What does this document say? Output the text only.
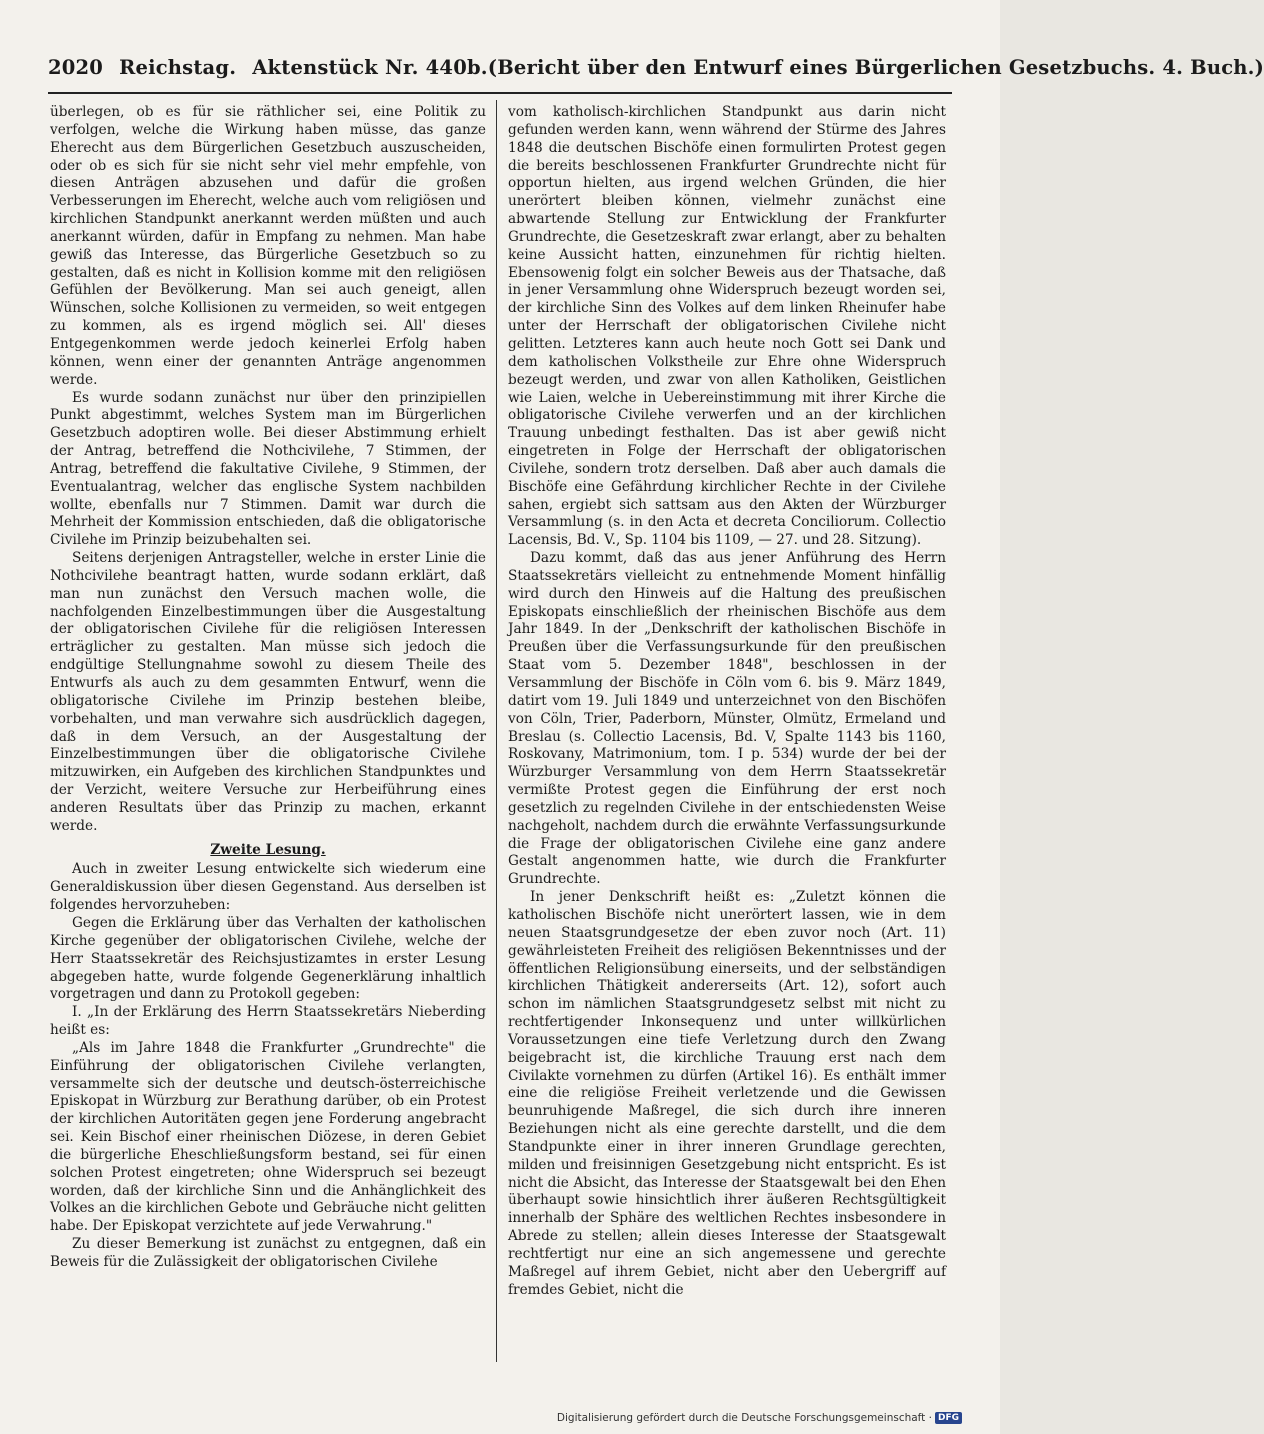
2020 Reichstag. Aktenstück Nr. 440b. (Bericht über den Entwurf eines Bürgerlichen Gesetzbuchs. 4. Buch.)

überlegen, ob es für sie räthlicher sei, eine Politik zu verfolgen, welche die Wirkung haben müsse, das ganze Eherecht aus dem Bürgerlichen Gesetzbuch auszuscheiden, oder ob es sich für sie nicht sehr viel mehr empfehle, von diesen Anträgen abzusehen und dafür die großen Verbesserungen im Eherecht, welche auch vom religiösen und kirchlichen Standpunkt anerkannt werden müßten und auch anerkannt würden, dafür in Empfang zu nehmen. Man habe gewiß das Interesse, das Bürgerliche Gesetzbuch so zu gestalten, daß es nicht in Kollision komme mit den religiösen Gefühlen der Bevölkerung. Man sei auch geneigt, allen Wünschen, solche Kollisionen zu vermeiden, so weit entgegen zu kommen, als es irgend möglich sei. All' dieses Entgegenkommen werde jedoch keinerlei Erfolg haben können, wenn einer der genannten Anträge angenommen werde.

Es wurde sodann zunächst nur über den prinzipiellen Punkt abgestimmt, welches System man im Bürgerlichen Gesetzbuch adoptiren wolle. Bei dieser Abstimmung erhielt der Antrag, betreffend die Nothcivilehe, 7 Stimmen, der Antrag, betreffend die fakultative Civilehe, 9 Stimmen, der Eventualantrag, welcher das englische System nachbilden wollte, ebenfalls nur 7 Stimmen. Damit war durch die Mehrheit der Kommission entschieden, daß die obligatorische Civilehe im Prinzip beizubehalten sei.

Seitens derjenigen Antragsteller, welche in erster Linie die Nothcivilehe beantragt hatten, wurde sodann erklärt, daß man nun zunächst den Versuch machen wolle, die nachfolgenden Einzelbestimmungen über die Ausgestaltung der obligatorischen Civilehe für die religiösen Interessen erträglicher zu gestalten. Man müsse sich jedoch die endgültige Stellungnahme sowohl zu diesem Theile des Entwurfs als auch zu dem gesammten Entwurf, wenn die obligatorische Civilehe im Prinzip bestehen bleibe, vorbehalten, und man verwahre sich ausdrücklich dagegen, daß in dem Versuch, an der Ausgestaltung der Einzelbestimmungen über die obligatorische Civilehe mitzuwirken, ein Aufgeben des kirchlichen Standpunktes und der Verzicht, weitere Versuche zur Herbeiführung eines anderen Resultats über das Prinzip zu machen, erkannt werde.

Zweite Lesung.

Auch in zweiter Lesung entwickelte sich wiederum eine Generaldiskussion über diesen Gegenstand. Aus derselben ist folgendes hervorzuheben:

Gegen die Erklärung über das Verhalten der katholischen Kirche gegenüber der obligatorischen Civilehe, welche der Herr Staatssekretär des Reichsjustizamtes in erster Lesung abgegeben hatte, wurde folgende Gegenerklärung inhaltlich vorgetragen und dann zu Protokoll gegeben:

I. „In der Erklärung des Herrn Staatssekretärs Nieberding heißt es:

„Als im Jahre 1848 die Frankfurter „Grundrechte" die Einführung der obligatorischen Civilehe verlangten, versammelte sich der deutsche und deutsch-österreichische Episkopat in Würzburg zur Berathung darüber, ob ein Protest der kirchlichen Autoritäten gegen jene Forderung angebracht sei. Kein Bischof einer rheinischen Diözese, in deren Gebiet die bürgerliche Eheschließungsform bestand, sei für einen solchen Protest eingetreten; ohne Widerspruch sei bezeugt worden, daß der kirchliche Sinn und die Anhänglichkeit des Volkes an die kirchlichen Gebote und Gebräuche nicht gelitten habe. Der Episkopat verzichtete auf jede Verwahrung."

Zu dieser Bemerkung ist zunächst zu entgegnen, daß ein Beweis für die Zulässigkeit der obligatorischen Civilehe

vom katholisch-kirchlichen Standpunkt aus darin nicht gefunden werden kann, wenn während der Stürme des Jahres 1848 die deutschen Bischöfe einen formulirten Protest gegen die bereits beschlossenen Frankfurter Grundrechte nicht für opportun hielten, aus irgend welchen Gründen, die hier unerörtert bleiben können, vielmehr zunächst eine abwartende Stellung zur Entwicklung der Frankfurter Grundrechte, die Gesetzeskraft zwar erlangt, aber zu behalten keine Aussicht hatten, einzunehmen für richtig hielten. Ebensowenig folgt ein solcher Beweis aus der Thatsache, daß in jener Versammlung ohne Widerspruch bezeugt worden sei, der kirchliche Sinn des Volkes auf dem linken Rheinufer habe unter der Herrschaft der obligatorischen Civilehe nicht gelitten. Letzteres kann auch heute noch Gott sei Dank und dem katholischen Volkstheile zur Ehre ohne Widerspruch bezeugt werden, und zwar von allen Katholiken, Geistlichen wie Laien, welche in Uebereinstimmung mit ihrer Kirche die obligatorische Civilehe verwerfen und an der kirchlichen Trauung unbedingt festhalten. Das ist aber gewiß nicht eingetreten in Folge der Herrschaft der obligatorischen Civilehe, sondern trotz derselben. Daß aber auch damals die Bischöfe eine Gefährdung kirchlicher Rechte in der Civilehe sahen, ergiebt sich sattsam aus den Akten der Würzburger Versammlung (s. in den Acta et decreta Conciliorum. Collectio Lacensis, Bd. V., Sp. 1104 bis 1109, — 27. und 28. Sitzung).

Dazu kommt, daß das aus jener Anführung des Herrn Staatssekretärs vielleicht zu entnehmende Moment hinfällig wird durch den Hinweis auf die Haltung des preußischen Episkopats einschließlich der rheinischen Bischöfe aus dem Jahr 1849. In der „Denkschrift der katholischen Bischöfe in Preußen über die Verfassungsurkunde für den preußischen Staat vom 5. Dezember 1848", beschlossen in der Versammlung der Bischöfe in Cöln vom 6. bis 9. März 1849, datirt vom 19. Juli 1849 und unterzeichnet von den Bischöfen von Cöln, Trier, Paderborn, Münster, Olmütz, Ermeland und Breslau (s. Collectio Lacensis, Bd. V, Spalte 1143 bis 1160, Roskovany, Matrimonium, tom. I p. 534) wurde der bei der Würzburger Versammlung von dem Herrn Staatssekretär vermißte Protest gegen die Einführung der erst noch gesetzlich zu regelnden Civilehe in der entschiedensten Weise nachgeholt, nachdem durch die erwähnte Verfassungsurkunde die Frage der obligatorischen Civilehe eine ganz andere Gestalt angenommen hatte, wie durch die Frankfurter Grundrechte.

In jener Denkschrift heißt es: „Zuletzt können die katholischen Bischöfe nicht unerörtert lassen, wie in dem neuen Staatsgrundgesetze der eben zuvor noch (Art. 11) gewährleisteten Freiheit des religiösen Bekenntnisses und der öffentlichen Religionsübung einerseits, und der selbständigen kirchlichen Thätigkeit andererseits (Art. 12), sofort auch schon im nämlichen Staatsgrundgesetz selbst mit nicht zu rechtfertigender Inkonsequenz und unter willkürlichen Voraussetzungen eine tiefe Verletzung durch den Zwang beigebracht ist, die kirchliche Trauung erst nach dem Civilakte vornehmen zu dürfen (Artikel 16). Es enthält immer eine die religiöse Freiheit verletzende und die Gewissen beunruhigende Maßregel, die sich durch ihre inneren Beziehungen nicht als eine gerechte darstellt, und die dem Standpunkte einer in ihrer inneren Grundlage gerechten, milden und freisinnigen Gesetzgebung nicht entspricht. Es ist nicht die Absicht, das Interesse der Staatsgewalt bei den Ehen überhaupt sowie hinsichtlich ihrer äußeren Rechtsgültigkeit innerhalb der Sphäre des weltlichen Rechtes insbesondere in Abrede zu stellen; allein dieses Interesse der Staatsgewalt rechtfertigt nur eine an sich angemessene und gerechte Maßregel auf ihrem Gebiet, nicht aber den Uebergriff auf fremdes Gebiet, nicht die

Digitalisierung gefördert durch die Deutsche Forschungsgemeinschaft · DFG
